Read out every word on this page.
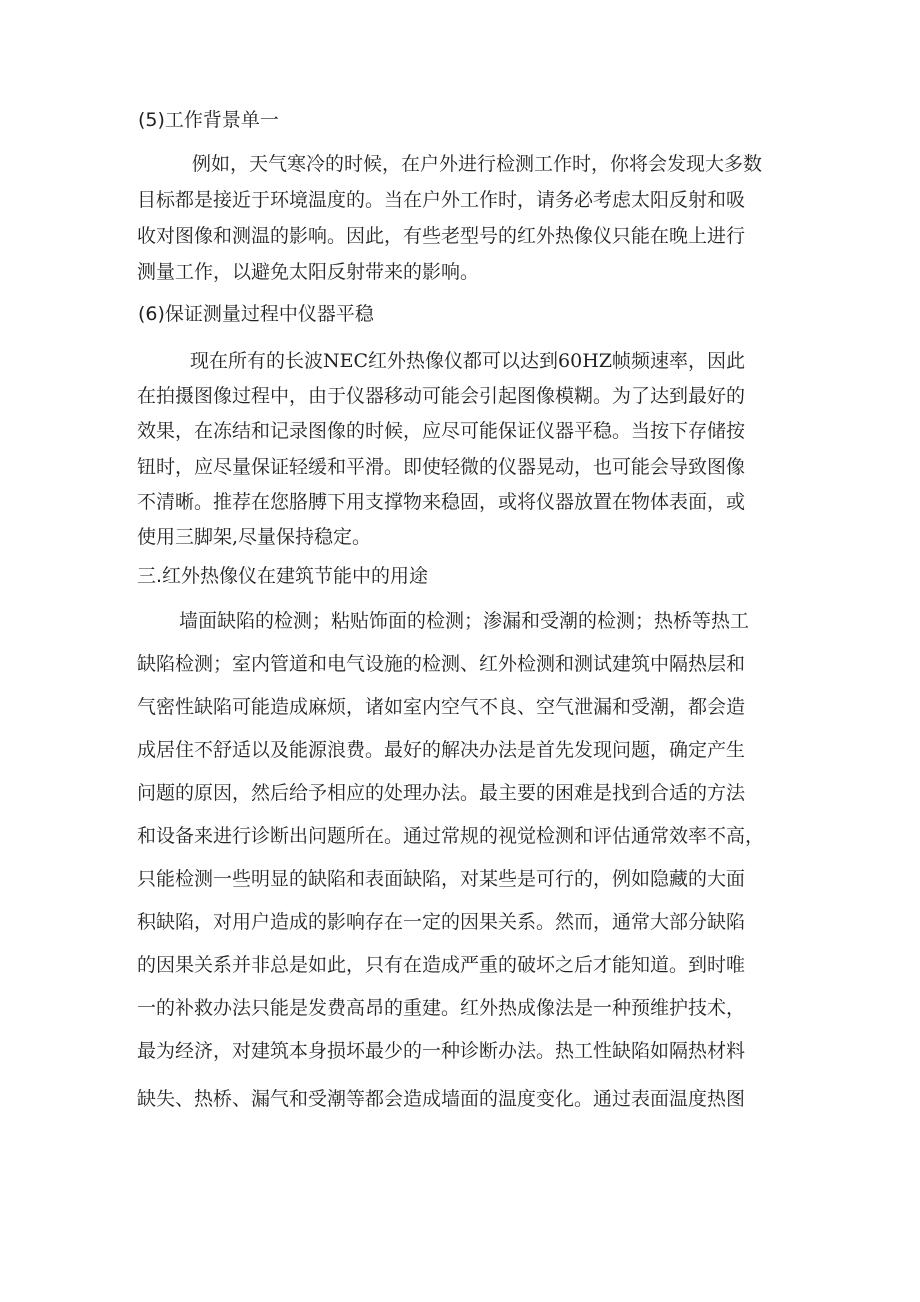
(5)工作背景单一
例如，天气寒冷的时候，在户外进行检测工作时，你将会发现大多数
目标都是接近于环境温度的。当在户外工作时，请务必考虑太阳反射和吸
收对图像和测温的影响。因此，有些老型号的红外热像仪只能在晚上进行
测量工作，以避免太阳反射带来的影响。
(6)保证测量过程中仪器平稳
现在所有的长波NEC红外热像仪都可以达到60HZ帧频速率，因此
在拍摄图像过程中，由于仪器移动可能会引起图像模糊。为了达到最好的
效果，在冻结和记录图像的时候，应尽可能保证仪器平稳。当按下存储按
钮时，应尽量保证轻缓和平滑。即使轻微的仪器晃动，也可能会导致图像
不清晰。推荐在您胳膊下用支撑物来稳固，或将仪器放置在物体表面，或
使用三脚架,尽量保持稳定。
三.红外热像仪在建筑节能中的用途
墙面缺陷的检测；粘贴饰面的检测；渗漏和受潮的检测；热桥等热工
缺陷检测；室内管道和电气设施的检测、红外检测和测试建筑中隔热层和
气密性缺陷可能造成麻烦，诸如室内空气不良、空气泄漏和受潮，都会造
成居住不舒适以及能源浪费。最好的解决办法是首先发现问题，确定产生
问题的原因，然后给予相应的处理办法。最主要的困难是找到合适的方法
和设备来进行诊断出问题所在。通过常规的视觉检测和评估通常效率不高，
只能检测一些明显的缺陷和表面缺陷，对某些是可行的，例如隐藏的大面
积缺陷，对用户造成的影响存在一定的因果关系。然而，通常大部分缺陷
的因果关系并非总是如此，只有在造成严重的破坏之后才能知道。到时唯
一的补救办法只能是发费高昂的重建。红外热成像法是一种预维护技术，
最为经济，对建筑本身损坏最少的一种诊断办法。热工性缺陷如隔热材料
缺失、热桥、漏气和受潮等都会造成墙面的温度变化。通过表面温度热图
